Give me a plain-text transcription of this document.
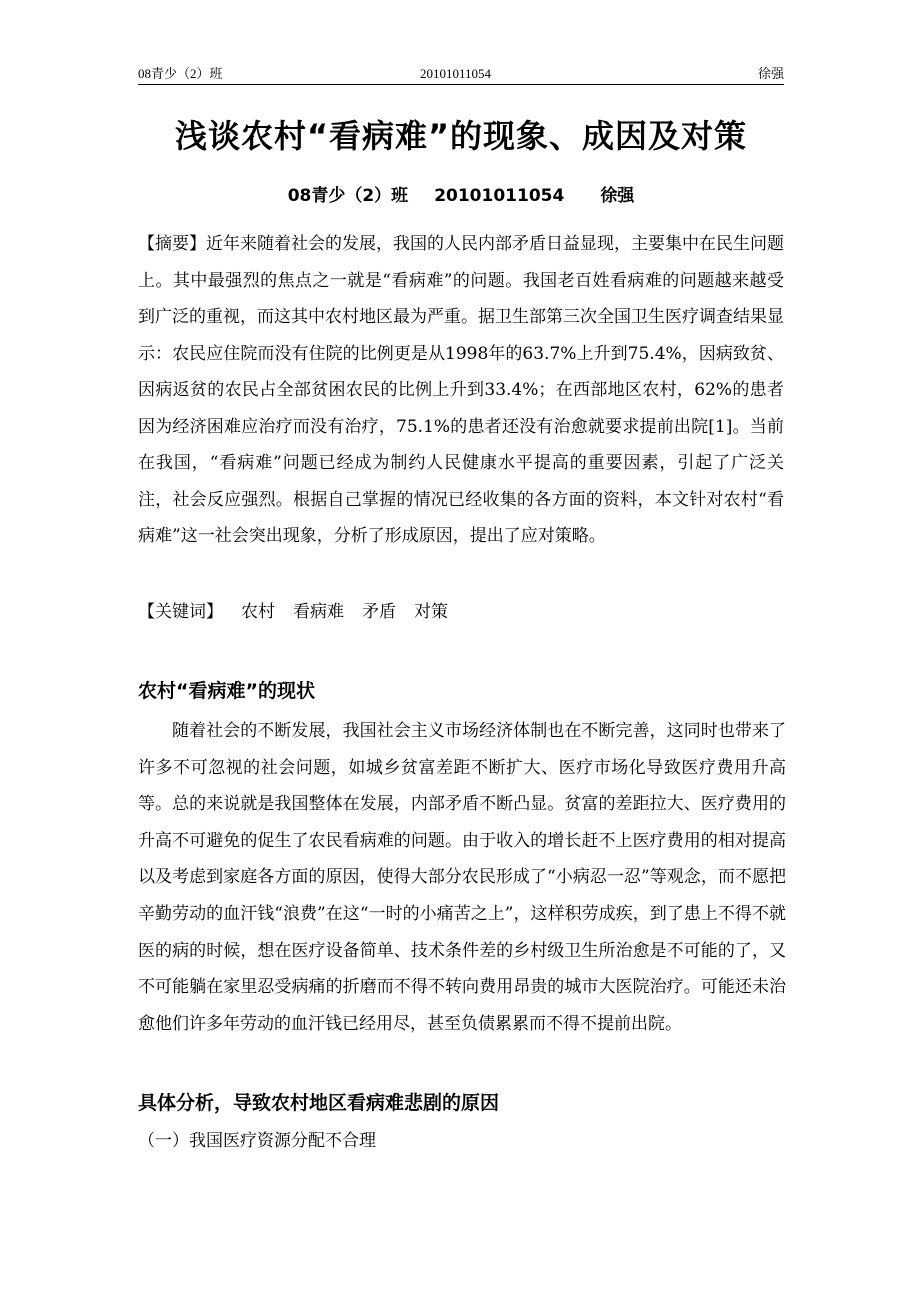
08青少（2）班	20101011054	徐强
浅谈农村“看病难”的现象、成因及对策
08青少（2）班 20101011054 徐强
【摘要】近年来随着社会的发展，我国的人民内部矛盾日益显现，主要集中在民生问题上。其中最强烈的焦点之一就是“看病难”的问题。我国老百姓看病难的问题越来越受到广泛的重视，而这其中农村地区最为严重。据卫生部第三次全国卫生医疗调查结果显示：农民应住院而没有住院的比例更是从1998年的63.7%上升到75.4%，因病致贫、因病返贫的农民占全部贫困农民的比例上升到33.4%；在西部地区农村，62%的患者因为经济困难应治疗而没有治疗，75.1%的患者还没有治愈就要求提前出院[1]。当前在我国，“看病难”问题已经成为制约人民健康水平提高的重要因素，引起了广泛关注，社会反应强烈。根据自己掌握的情况已经收集的各方面的资料，本文针对农村“看病难”这一社会突出现象，分析了形成原因，提出了应对策略。
【关键词】 农村 看病难 矛盾 对策
农村“看病难”的现状
随着社会的不断发展，我国社会主义市场经济体制也在不断完善，这同时也带来了许多不可忽视的社会问题，如城乡贫富差距不断扩大、医疗市场化导致医疗费用升高等。总的来说就是我国整体在发展，内部矛盾不断凸显。贫富的差距拉大、医疗费用的升高不可避免的促生了农民看病难的问题。由于收入的增长赶不上医疗费用的相对提高以及考虑到家庭各方面的原因，使得大部分农民形成了“小病忍一忍”等观念，而不愿把辛勤劳动的血汗钱“浪费”在这“一时的小痛苦之上”，这样积劳成疾，到了患上不得不就医的病的时候，想在医疗设备简单、技术条件差的乡村级卫生所治愈是不可能的了，又不可能躺在家里忍受病痛的折磨而不得不转向费用昂贵的城市大医院治疗。可能还未治愈他们许多年劳动的血汗钱已经用尽，甚至负债累累而不得不提前出院。
具体分析，导致农村地区看病难悲剧的原因
（一）我国医疗资源分配不合理
